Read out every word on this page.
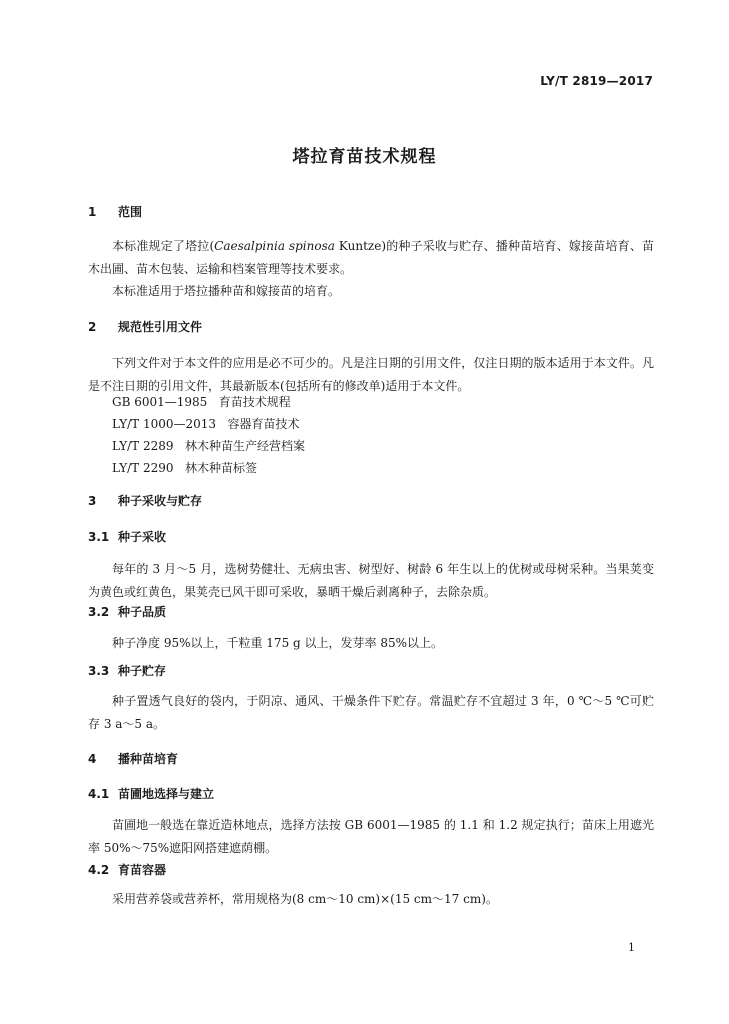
LY/T 2819—2017
塔拉育苗技术规程
1 范围
本标准规定了塔拉(Caesalpinia spinosa Kuntze)的种子采收与贮存、播种苗培育、嫁接苗培育、苗木出圃、苗木包装、运输和档案管理等技术要求。
本标准适用于塔拉播种苗和嫁接苗的培育。
2 规范性引用文件
下列文件对于本文件的应用是必不可少的。凡是注日期的引用文件，仅注日期的版本适用于本文件。凡是不注日期的引用文件，其最新版本(包括所有的修改单)适用于本文件。
GB 6001—1985 育苗技术规程
LY/T 1000—2013 容器育苗技术
LY/T 2289 林木种苗生产经营档案
LY/T 2290 林木种苗标签
3 种子采收与贮存
3.1 种子采收
每年的 3 月～5 月，选树势健壮、无病虫害、树型好、树龄 6 年生以上的优树或母树采种。当果荚变为黄色或红黄色，果荚壳已风干即可采收，暴晒干燥后剥离种子，去除杂质。
3.2 种子品质
种子净度 95%以上，千粒重 175 g 以上，发芽率 85%以上。
3.3 种子贮存
种子置透气良好的袋内，于阴凉、通风、干燥条件下贮存。常温贮存不宜超过 3 年，0 ℃～5 ℃可贮存 3 a～5 a。
4 播种苗培育
4.1 苗圃地选择与建立
苗圃地一般选在靠近造林地点，选择方法按 GB 6001—1985 的 1.1 和 1.2 规定执行；苗床上用遮光率 50%～75%遮阳网搭建遮荫棚。
4.2 育苗容器
采用营养袋或营养杯，常用规格为(8 cm～10 cm)×(15 cm～17 cm)。
1
